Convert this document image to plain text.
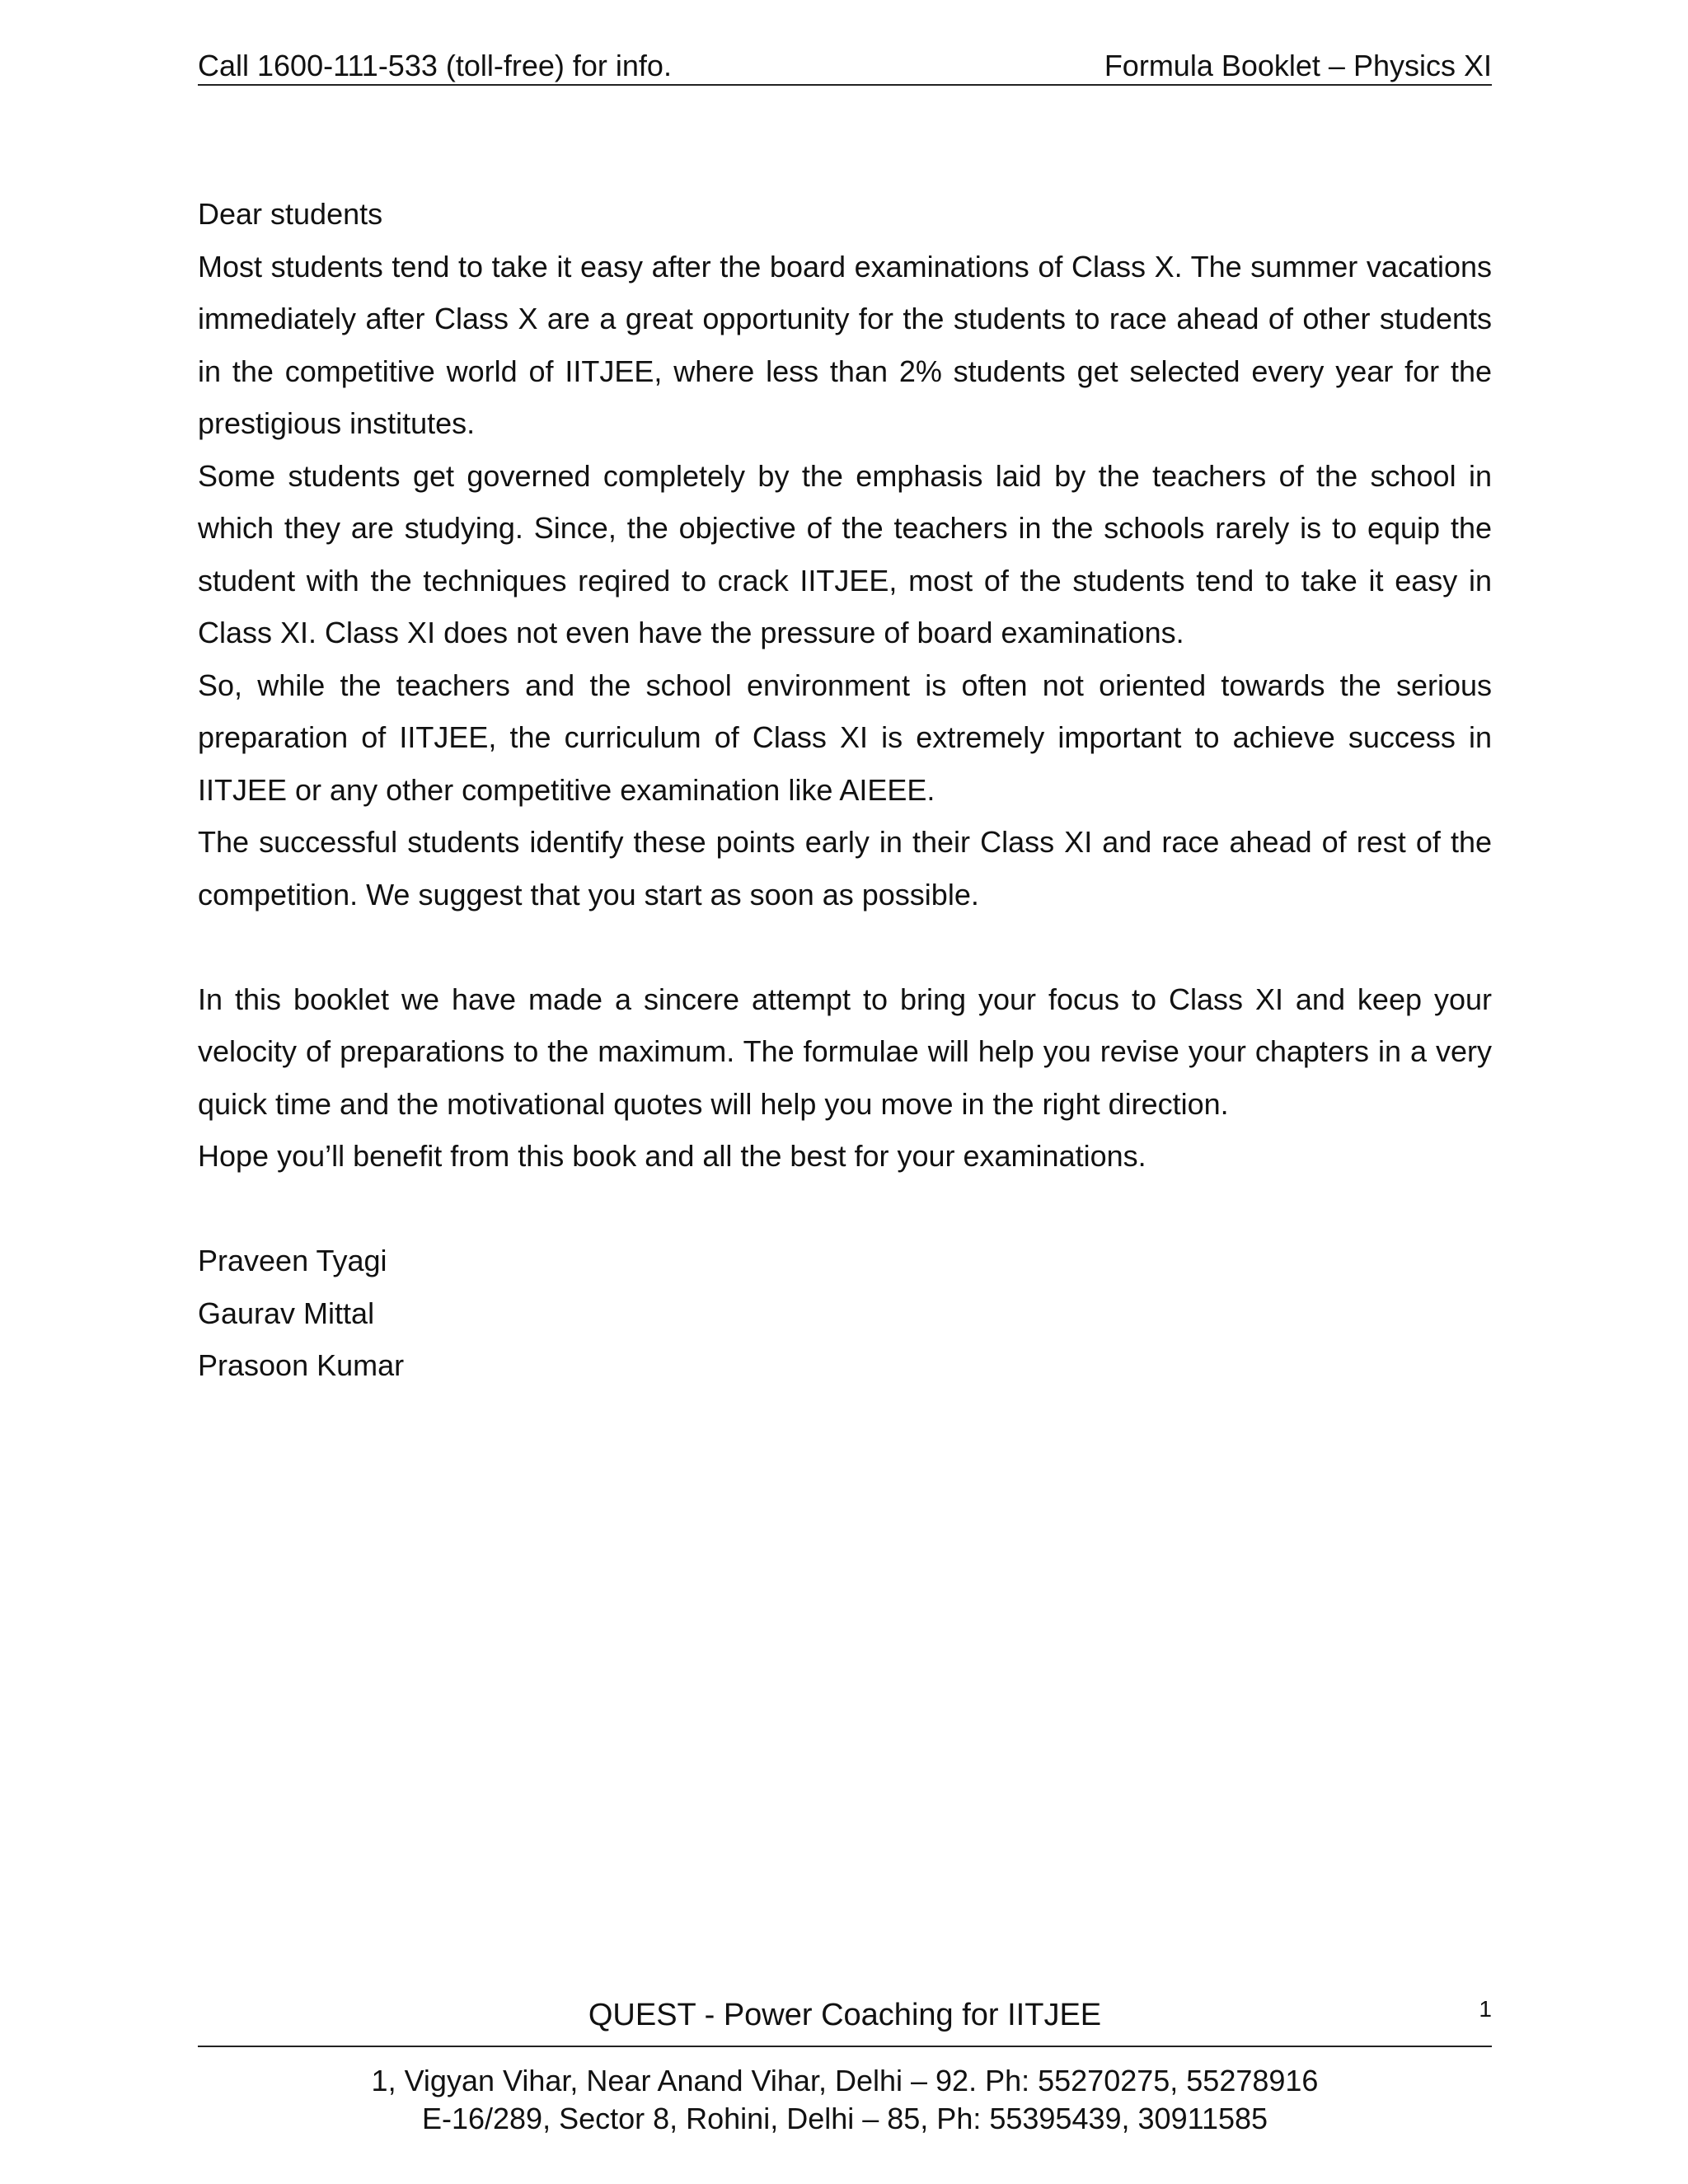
Call 1600-111-533 (toll-free) for info.	Formula Booklet – Physics XI

Dear students

Most students tend to take it easy after the board examinations of Class X. The summer vacations immediately after Class X are a great opportunity for the students to race ahead of other students in the competitive world of IITJEE, where less than 2% students get selected every year for the prestigious institutes.

Some students get governed completely by the emphasis laid by the teachers of the school in which they are studying. Since, the objective of the teachers in the schools rarely is to equip the student with the techniques reqired to crack IITJEE, most of the students tend to take it easy in Class XI. Class XI does not even have the pressure of board examinations.

So, while the teachers and the school environment is often not oriented towards the serious preparation of IITJEE, the curriculum of Class XI is extremely important to achieve success in IITJEE or any other competitive examination like AIEEE.

The successful students identify these points early in their Class XI and race ahead of rest of the competition. We suggest that you start as soon as possible.

In this booklet we have made a sincere attempt to bring your focus to Class XI and keep your velocity of preparations to the maximum. The formulae will help you revise your chapters in a very quick time and the motivational quotes will help you move in the right direction.

Hope you’ll benefit from this book and all the best for your examinations.

Praveen Tyagi

Gaurav Mittal

Prasoon Kumar

QUEST - Power Coaching for IITJEE	1
1, Vigyan Vihar, Near Anand Vihar, Delhi – 92. Ph: 55270275, 55278916
E-16/289, Sector 8, Rohini, Delhi – 85, Ph: 55395439, 30911585
